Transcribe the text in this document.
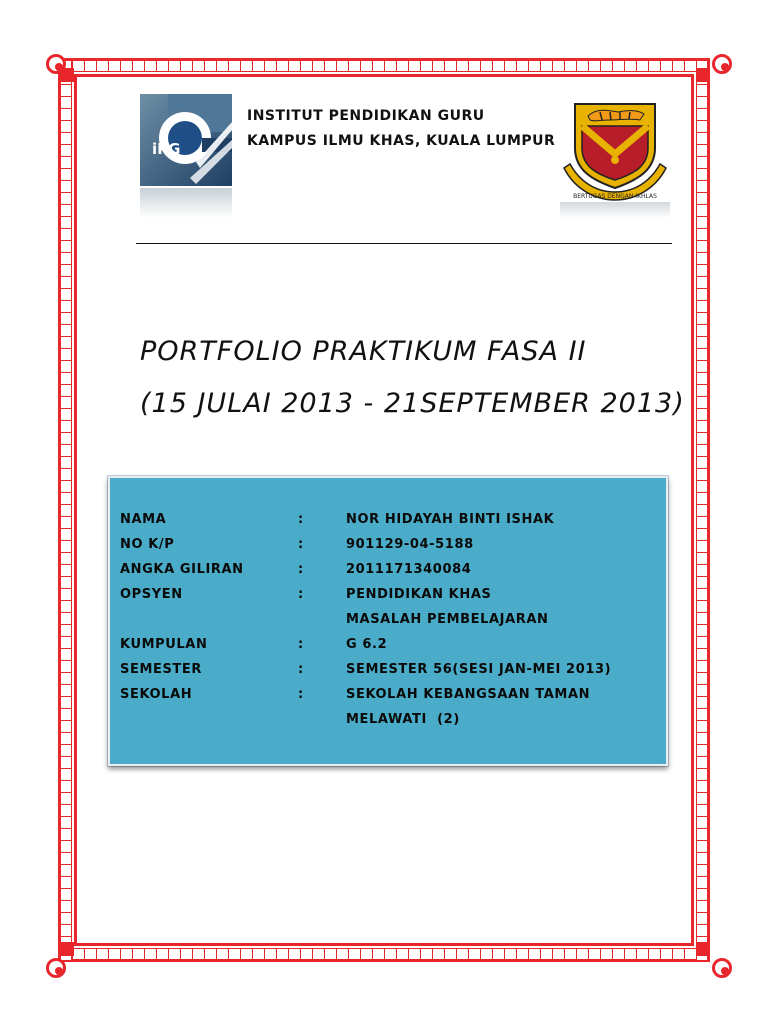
iPG
INSTITUT PENDIDIKAN GURU
KAMPUS ILMU KHAS, KUALA LUMPUR
BERTUGAS DENGAN IKHLAS
PORTFOLIO PRAKTIKUM FASA II
(15 JULAI 2013 - 21SEPTEMBER 2013)
NAMA	:	NOR HIDAYAH BINTI ISHAK
NO K/P	:	901129-04-5188
ANGKA GILIRAN	:	2011171340084
OPSYEN	:	PENDIDIKAN KHAS
MASALAH PEMBELAJARAN
KUMPULAN	:	G 6.2
SEMESTER	:	SEMESTER 56(SESI JAN-MEI 2013)
SEKOLAH	:	SEKOLAH KEBANGSAAN TAMAN
MELAWATI  (2)
